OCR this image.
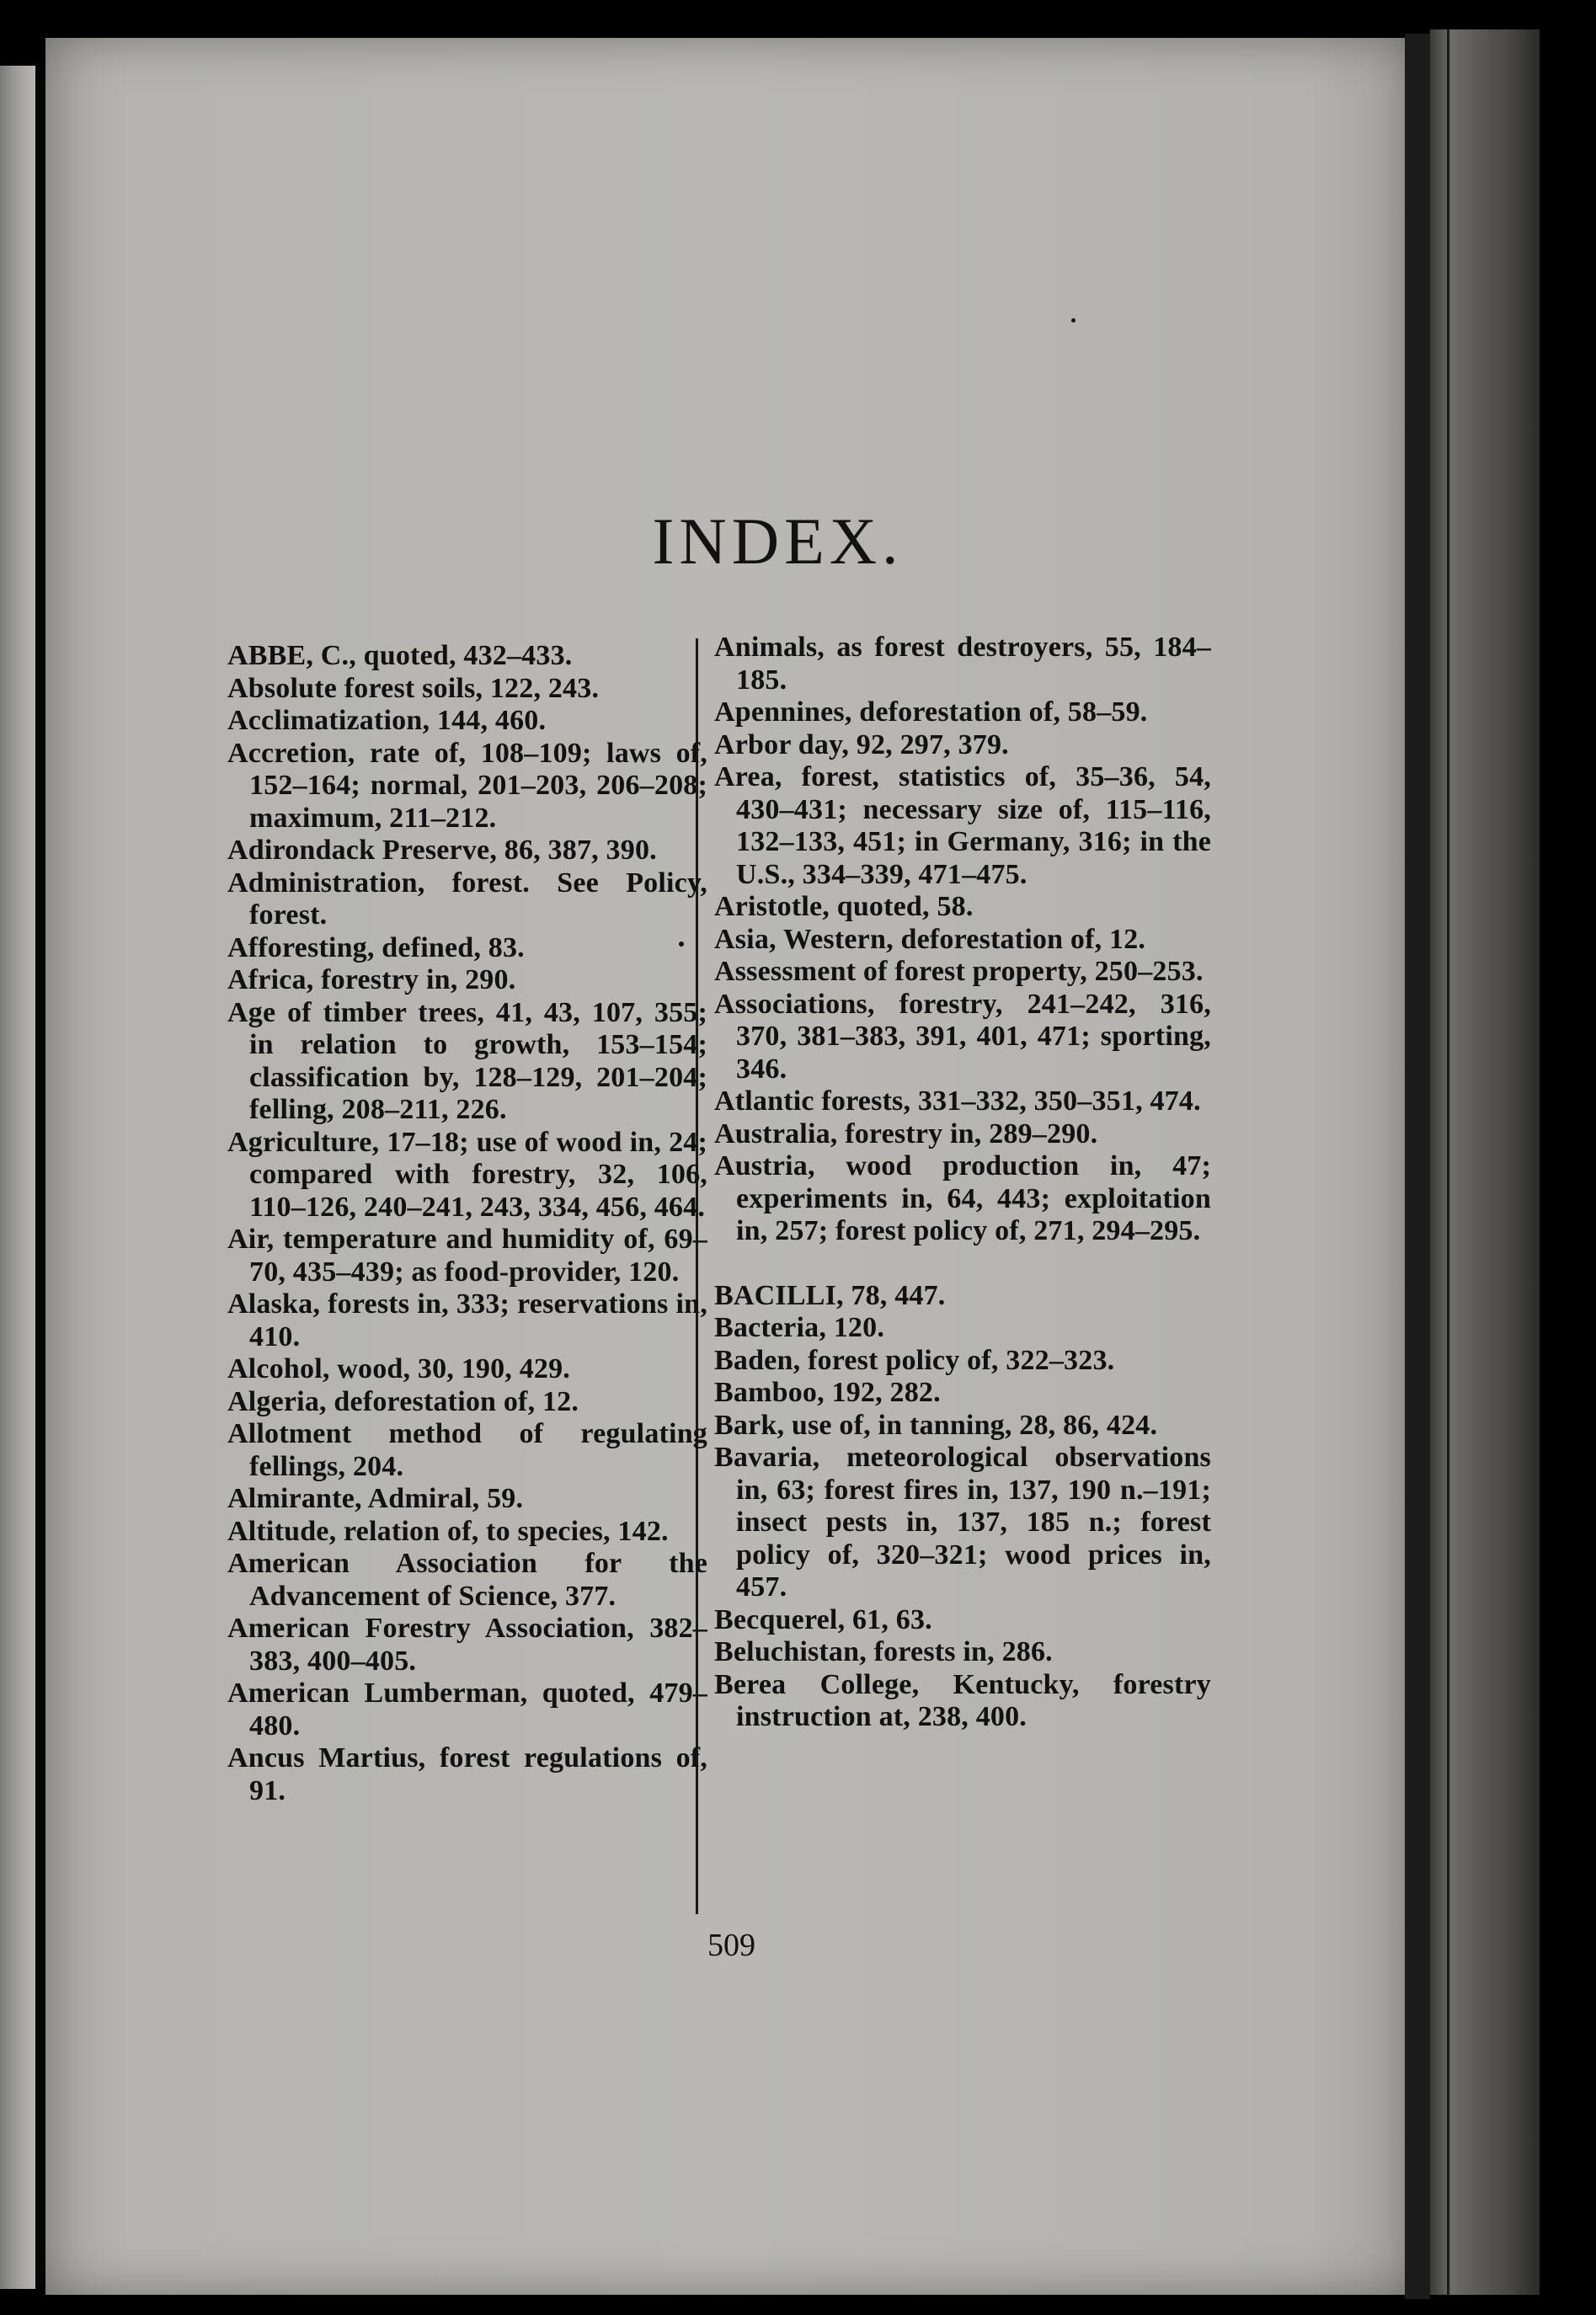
INDEX.

ABBE, C., quoted, 432–433.

Absolute forest soils, 122, 243.

Acclimatization, 144, 460.

Accretion, rate of, 108–109; laws of, 152–164; normal, 201–203, 206–208; maximum, 211–212.

Adirondack Preserve, 86, 387, 390.

Administration, forest. See Policy, forest.

Afforesting, defined, 83.

Africa, forestry in, 290.

Age of timber trees, 41, 43, 107, 355; in relation to growth, 153–154; classification by, 128–129, 201–204; felling, 208–211, 226.

Agriculture, 17–18; use of wood in, 24; compared with forestry, 32, 106, 110–126, 240–241, 243, 334, 456, 464.

Air, temperature and humidity of, 69–70, 435–439; as food-provider, 120.

Alaska, forests in, 333; reservations in, 410.

Alcohol, wood, 30, 190, 429.

Algeria, deforestation of, 12.

Allotment method of regulating fellings, 204.

Almirante, Admiral, 59.

Altitude, relation of, to species, 142.

American Association for the Advancement of Science, 377.

American Forestry Association, 382–383, 400–405.

American Lumberman, quoted, 479–480.

Ancus Martius, forest regulations of, 91.

Animals, as forest destroyers, 55, 184–185.

Apennines, deforestation of, 58–59.

Arbor day, 92, 297, 379.

Area, forest, statistics of, 35–36, 54, 430–431; necessary size of, 115–116, 132–133, 451; in Germany, 316; in the U.S., 334–339, 471–475.

Aristotle, quoted, 58.

Asia, Western, deforestation of, 12.

Assessment of forest property, 250–253.

Associations, forestry, 241–242, 316, 370, 381–383, 391, 401, 471; sporting, 346.

Atlantic forests, 331–332, 350–351, 474.

Australia, forestry in, 289–290.

Austria, wood production in, 47; experiments in, 64, 443; exploitation in, 257; forest policy of, 271, 294–295.

BACILLI, 78, 447.

Bacteria, 120.

Baden, forest policy of, 322–323.

Bamboo, 192, 282.

Bark, use of, in tanning, 28, 86, 424.

Bavaria, meteorological observations in, 63; forest fires in, 137, 190 n.–191; insect pests in, 137, 185 n.; forest policy of, 320–321; wood prices in, 457.

Becquerel, 61, 63.

Beluchistan, forests in, 286.

Berea College, Kentucky, forestry instruction at, 238, 400.

509
